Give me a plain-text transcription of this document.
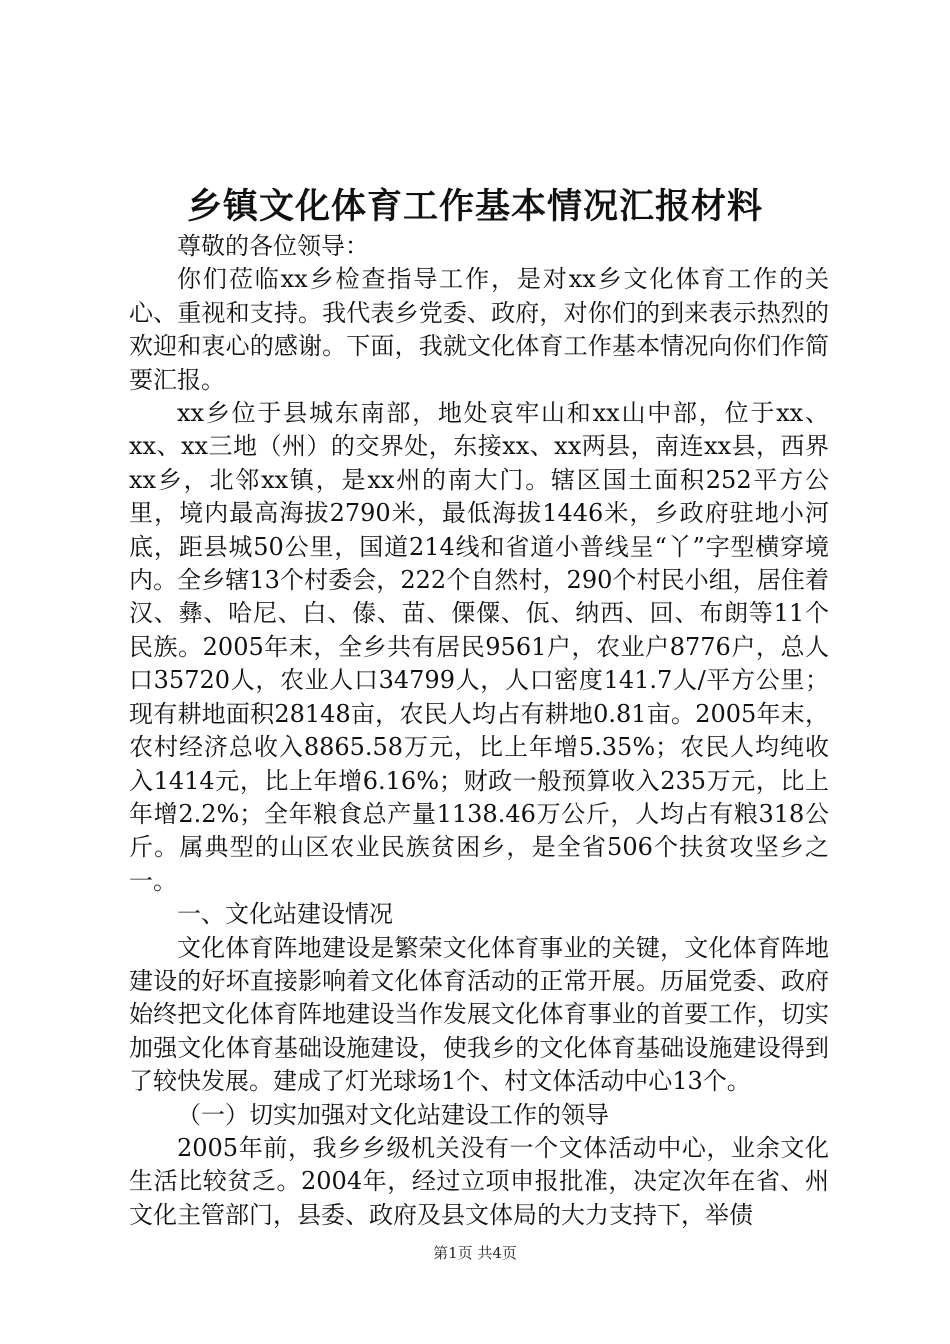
乡镇文化体育工作基本情况汇报材料

尊敬的各位领导：

你们莅临xx乡检查指导工作，是对xx乡文化体育工作的关心、重视和支持。我代表乡党委、政府，对你们的到来表示热烈的欢迎和衷心的感谢。下面，我就文化体育工作基本情况向你们作简要汇报。

xx乡位于县城东南部，地处哀牢山和xx山中部，位于xx、xx、xx三地（州）的交界处，东接xx、xx两县，南连xx县，西界xx乡，北邻xx镇，是xx州的南大门。辖区国土面积252平方公里，境内最高海拔2790米，最低海拔1446米，乡政府驻地小河底，距县城50公里，国道214线和省道小普线呈“丫”字型横穿境内。全乡辖13个村委会，222个自然村，290个村民小组，居住着汉、彝、哈尼、白、傣、苗、傈僳、佤、纳西、回、布朗等11个民族。2005年末，全乡共有居民9561户，农业户8776户，总人口35720人，农业人口34799人，人口密度141.7人/平方公里；现有耕地面积28148亩，农民人均占有耕地0.81亩。2005年末，农村经济总收入8865.58万元，比上年增5.35%；农民人均纯收入1414元，比上年增6.16%；财政一般预算收入235万元，比上年增2.2%；全年粮食总产量1138.46万公斤，人均占有粮318公斤。属典型的山区农业民族贫困乡，是全省506个扶贫攻坚乡之一。

一、文化站建设情况

文化体育阵地建设是繁荣文化体育事业的关键，文化体育阵地建设的好坏直接影响着文化体育活动的正常开展。历届党委、政府始终把文化体育阵地建设当作发展文化体育事业的首要工作，切实加强文化体育基础设施建设，使我乡的文化体育基础设施建设得到了较快发展。建成了灯光球场1个、村文体活动中心13个。

（一）切实加强对文化站建设工作的领导

2005年前，我乡乡级机关没有一个文体活动中心，业余文化生活比较贫乏。2004年，经过立项申报批准，决定次年在省、州文化主管部门，县委、政府及县文体局的大力支持下，举债

第1页 共4页
